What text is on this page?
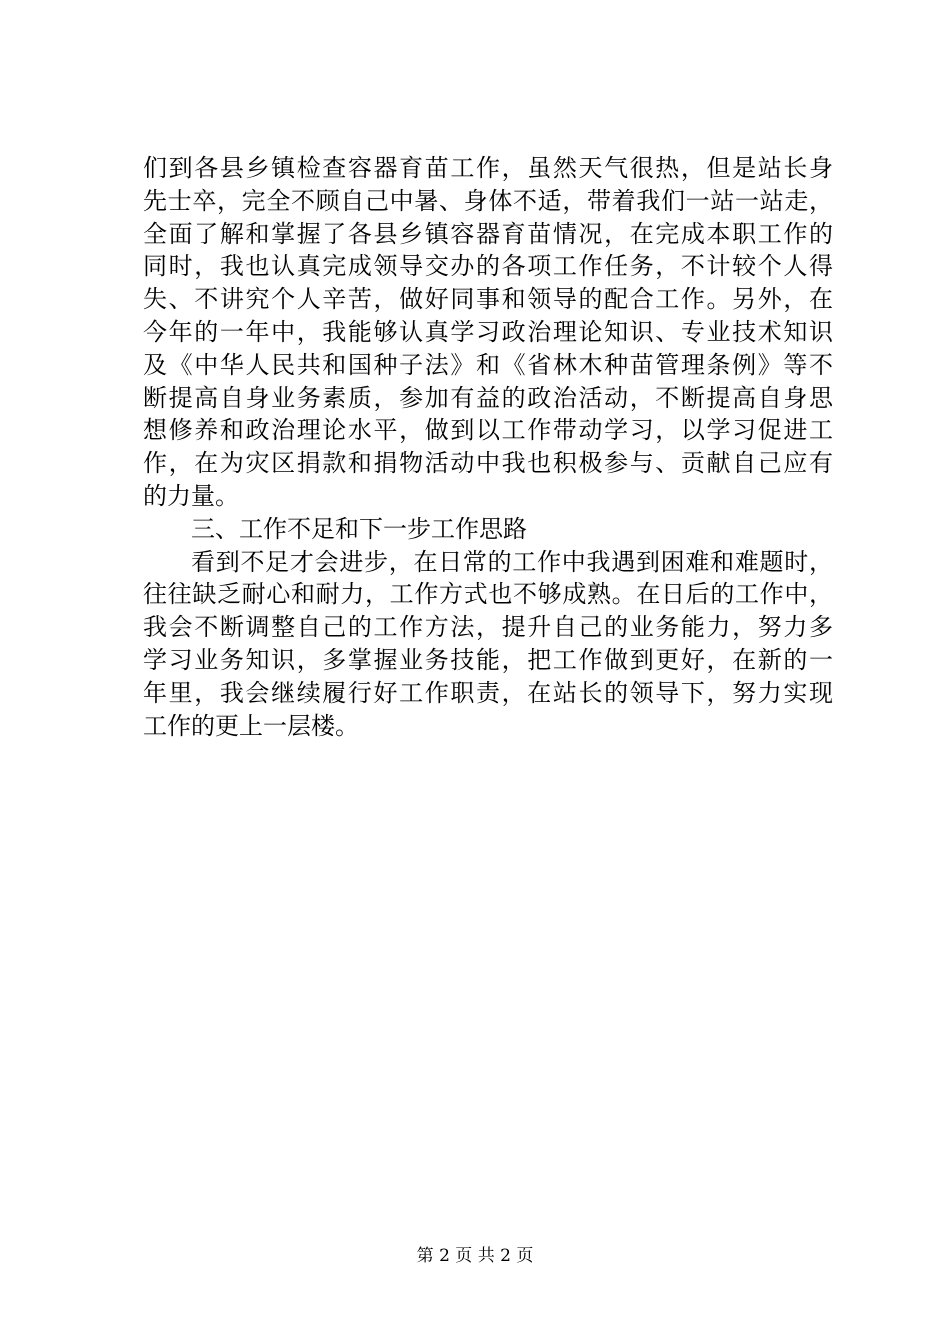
们到各县乡镇检查容器育苗工作，虽然天气很热，但是站长身
先士卒，完全不顾自己中暑、身体不适，带着我们一站一站走，
全面了解和掌握了各县乡镇容器育苗情况，在完成本职工作的
同时，我也认真完成领导交办的各项工作任务，不计较个人得
失、不讲究个人辛苦，做好同事和领导的配合工作。另外，在
今年的一年中，我能够认真学习政治理论知识、专业技术知识
及《中华人民共和国种子法》和《省林木种苗管理条例》等不
断提高自身业务素质，参加有益的政治活动，不断提高自身思
想修养和政治理论水平，做到以工作带动学习，以学习促进工
作，在为灾区捐款和捐物活动中我也积极参与、贡献自己应有
的力量。
三、工作不足和下一步工作思路
看到不足才会进步，在日常的工作中我遇到困难和难题时，
往往缺乏耐心和耐力，工作方式也不够成熟。在日后的工作中，
我会不断调整自己的工作方法，提升自己的业务能力，努力多
学习业务知识，多掌握业务技能，把工作做到更好，在新的一
年里，我会继续履行好工作职责，在站长的领导下，努力实现
工作的更上一层楼。
第 2 页 共 2 页
